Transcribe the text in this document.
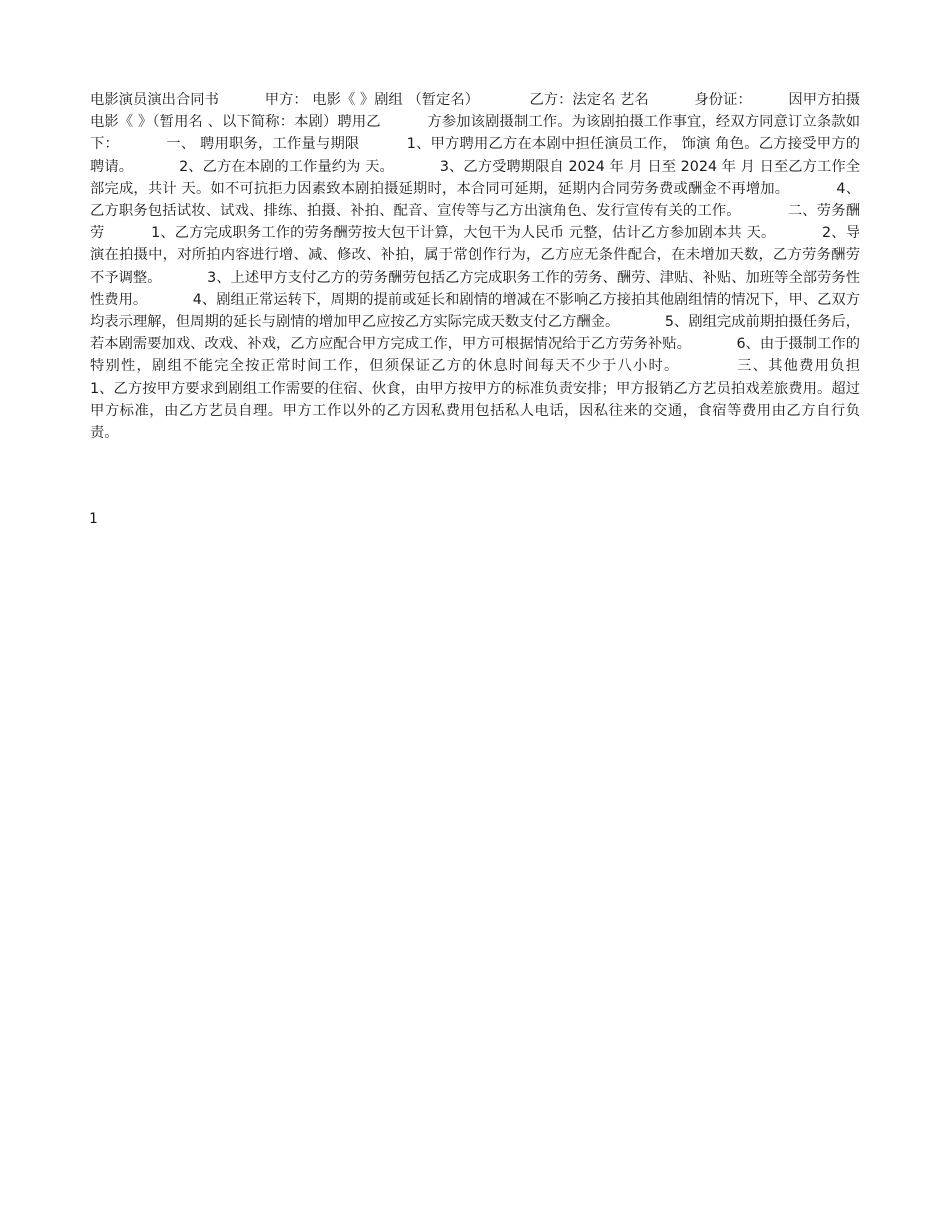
电影演员演出合同书          甲方： 电影《 》剧组 （暂定名）           乙方：法定名 艺名          身份证：        因甲方拍摄电影《 》（暂用名 、以下简称：本剧）聘用乙          方参加该剧摄制工作。为该剧拍摄工作事宜，经双方同意订立条款如下：          一、 聘用职务，工作量与期限          1、甲方聘用乙方在本剧中担任演员工作， 饰演 角色。乙方接受甲方的聘请。          2、乙方在本剧的工作量约为 天。          3、乙方受聘期限自 2024 年 月 日至 2024 年 月 日至乙方工作全部完成，共计 天。如不可抗拒力因素致本剧拍摄延期时，本合同可延期，延期内合同劳务费或酬金不再增加。          4、乙方职务包括试妆、试戏、排练、拍摄、补拍、配音、宣传等与乙方出演角色、发行宣传有关的工作。          二、劳务酬劳          1、乙方完成职务工作的劳务酬劳按大包干计算，大包干为人民币 元整，估计乙方参加剧本共 天。          2、导演在拍摄中，对所拍内容进行增、减、修改、补拍，属于常创作行为，乙方应无条件配合，在未增加天数，乙方劳务酬劳不予调整。          3、上述甲方支付乙方的劳务酬劳包括乙方完成职务工作的劳务、酬劳、津贴、补贴、加班等全部劳务性性费用。          4、剧组正常运转下，周期的提前或延长和剧情的增减在不影响乙方接拍其他剧组情的情况下，甲、乙双方均表示理解，但周期的延长与剧情的增加甲乙应按乙方实际完成天数支付乙方酬金。          5、剧组完成前期拍摄任务后，若本剧需要加戏、改戏、补戏，乙方应配合甲方完成工作，甲方可根据情况给于乙方劳务补贴。          6、由于摄制工作的特别性，剧组不能完全按正常时间工作，但须保证乙方的休息时间每天不少于八小时。          三、其他费用负担          1、乙方按甲方要求到剧组工作需要的住宿、伙食，由甲方按甲方的标准负责安排；甲方报销乙方艺员拍戏差旅费用。超过甲方标准，由乙方艺员自理。甲方工作以外的乙方因私费用包括私人电话，因私往来的交通，食宿等费用由乙方自行负责。

1
